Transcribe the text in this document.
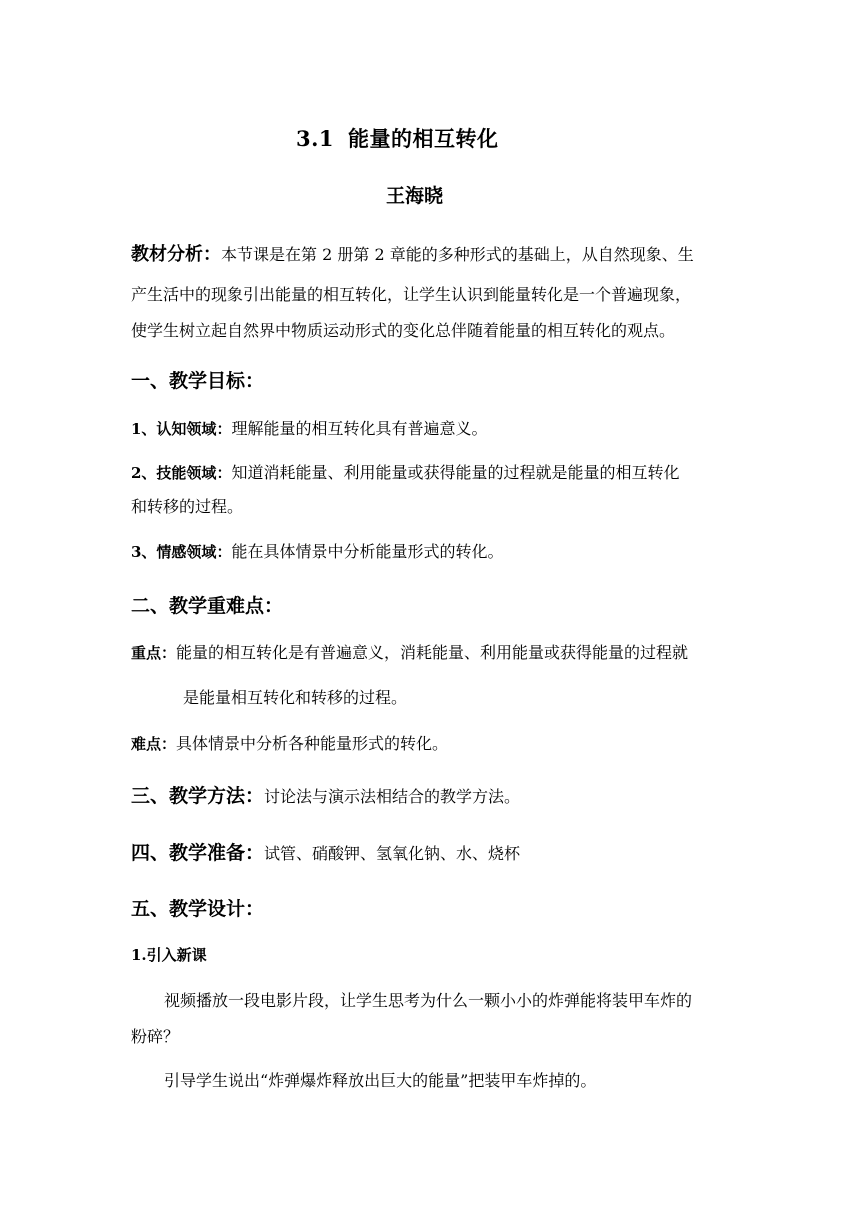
3.1 能量的相互转化
王海晓
教材分析：本节课是在第 2 册第 2 章能的多种形式的基础上，从自然现象、生
产生活中的现象引出能量的相互转化，让学生认识到能量转化是一个普遍现象，
使学生树立起自然界中物质运动形式的变化总伴随着能量的相互转化的观点。
一、教学目标：
1、认知领域：理解能量的相互转化具有普遍意义。
2、技能领域：知道消耗能量、利用能量或获得能量的过程就是能量的相互转化
和转移的过程。
3、情感领域：能在具体情景中分析能量形式的转化。
二、教学重难点：
重点：能量的相互转化是有普遍意义，消耗能量、利用能量或获得能量的过程就
是能量相互转化和转移的过程。
难点：具体情景中分析各种能量形式的转化。
三、教学方法：讨论法与演示法相结合的教学方法。
四、教学准备：试管、硝酸钾、氢氧化钠、水、烧杯
五、教学设计：
1.引入新课
视频播放一段电影片段，让学生思考为什么一颗小小的炸弹能将装甲车炸的
粉碎？
引导学生说出“炸弹爆炸释放出巨大的能量”把装甲车炸掉的。
